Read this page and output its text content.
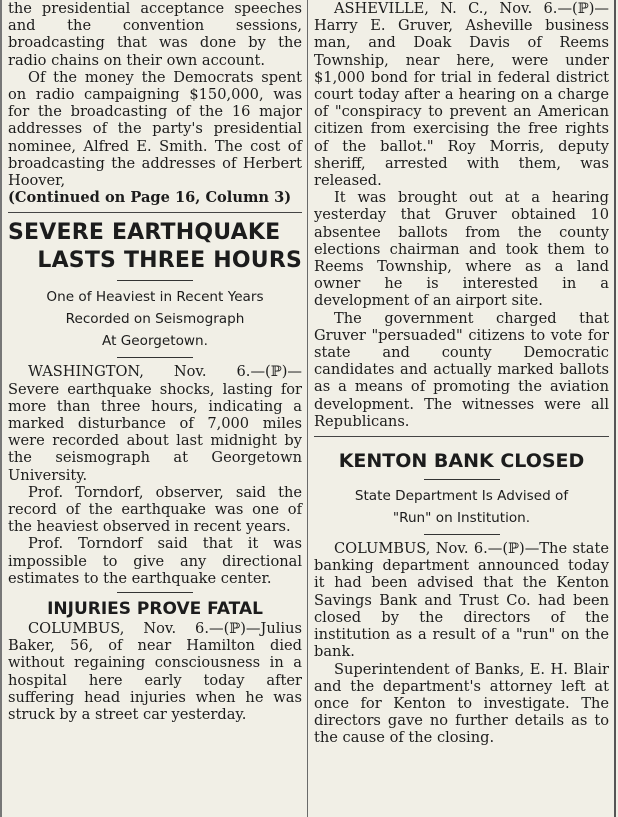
the presidential acceptance speeches and the convention sessions, broadcasting that was done by the radio chains on their own account.

Of the money the Democrats spent on radio campaigning $150,000, was for the broadcasting of the 16 major addresses of the party's presidential nominee, Alfred E. Smith. The cost of broadcasting the addresses of Herbert Hoover,

(Continued on Page 16, Column 3)

SEVERE EARTHQUAKE
LASTS THREE HOURS
One of Heaviest in Recent Years
Recorded on Seismograph
At Georgetown.

WASHINGTON, Nov. 6.—(ℙ)—Severe earthquake shocks, lasting for more than three hours, indicating a marked disturbance of 7,000 miles were recorded about last midnight by the seismograph at Georgetown University.

Prof. Torndorf, observer, said the record of the earthquake was one of the heaviest observed in recent years.

Prof. Torndorf said that it was impossible to give any directional estimates to the earthquake center.

INJURIES PROVE FATAL

COLUMBUS, Nov. 6.—(ℙ)—Julius Baker, 56, of near Hamilton died without regaining consciousness in a hospital here early today after suffering head injuries when he was struck by a street car yesterday.

ASHEVILLE, N. C., Nov. 6.—(ℙ)—Harry E. Gruver, Asheville business man, and Doak Davis of Reems Township, near here, were under $1,000 bond for trial in federal district court today after a hearing on a charge of "conspiracy to prevent an American citizen from exercising the free rights of the ballot." Roy Morris, deputy sheriff, arrested with them, was released.

It was brought out at a hearing yesterday that Gruver obtained 10 absentee ballots from the county elections chairman and took them to Reems Township, where as a land owner he is interested in a development of an airport site.

The government charged that Gruver "persuaded" citizens to vote for state and county Democratic candidates and actually marked ballots as a means of promoting the aviation development. The witnesses were all Republicans.

KENTON BANK CLOSED
State Department Is Advised of
"Run" on Institution.

COLUMBUS, Nov. 6.—(ℙ)—The state banking department announced today it had been advised that the Kenton Savings Bank and Trust Co. had been closed by the directors of the institution as a result of a "run" on the bank.

Superintendent of Banks, E. H. Blair and the department's attorney left at once for Kenton to investigate. The directors gave no further details as to the cause of the closing.
